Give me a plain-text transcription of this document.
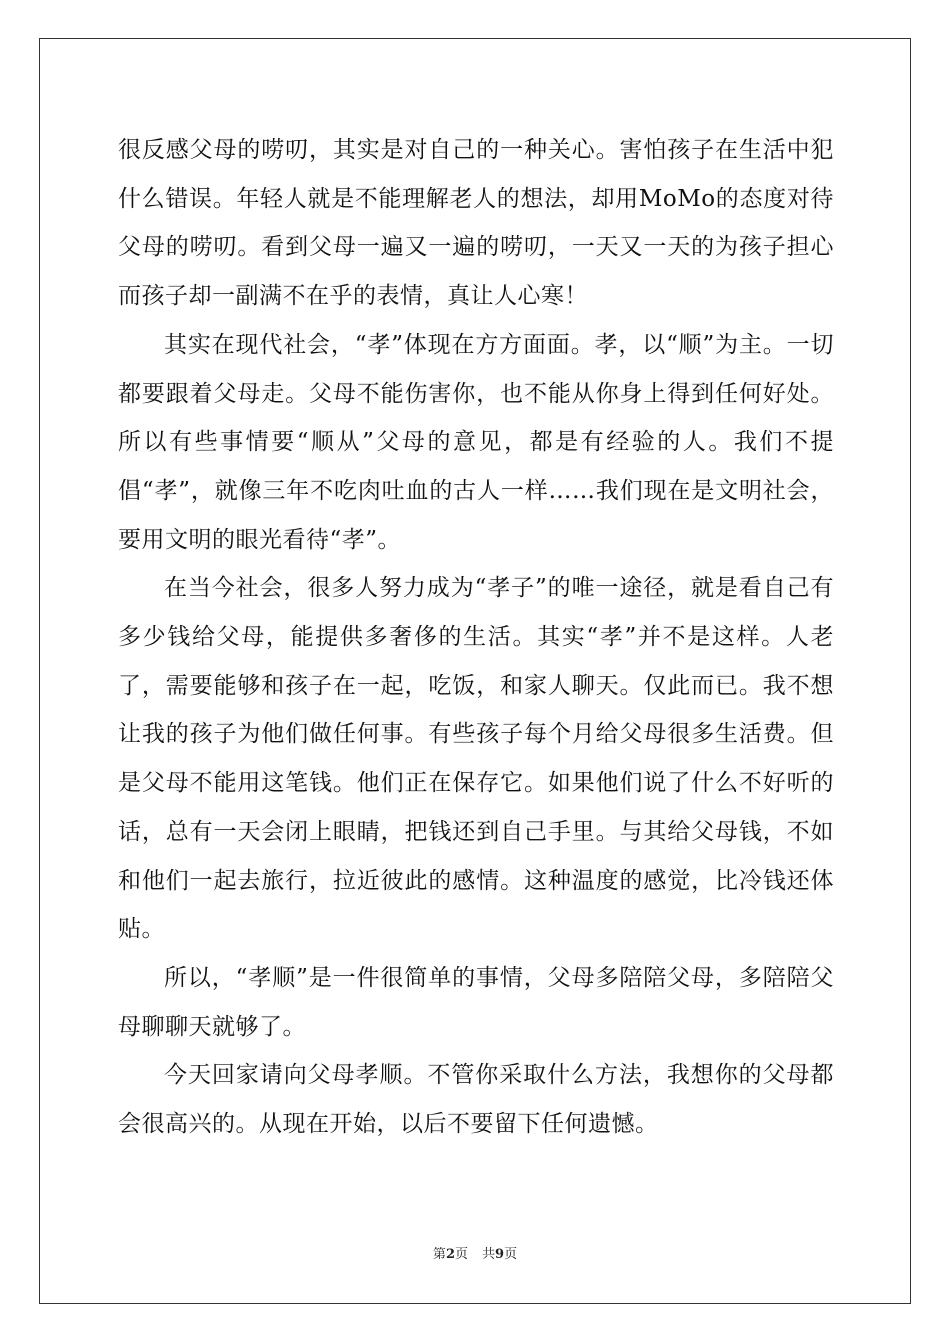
很反感父母的唠叨，其实是对自己的一种关心。害怕孩子在生活中犯什么错误。年轻人就是不能理解老人的想法，却用MoMo的态度对待父母的唠叨。看到父母一遍又一遍的唠叨，一天又一天的为孩子担心而孩子却一副满不在乎的表情，真让人心寒！

其实在现代社会，“孝”体现在方方面面。孝，以“顺”为主。一切都要跟着父母走。父母不能伤害你，也不能从你身上得到任何好处。所以有些事情要“顺从”父母的意见，都是有经验的人。我们不提倡“孝”，就像三年不吃肉吐血的古人一样……我们现在是文明社会，要用文明的眼光看待“孝”。

在当今社会，很多人努力成为“孝子”的唯一途径，就是看自己有多少钱给父母，能提供多奢侈的生活。其实“孝”并不是这样。人老了，需要能够和孩子在一起，吃饭，和家人聊天。仅此而已。我不想让我的孩子为他们做任何事。有些孩子每个月给父母很多生活费。但是父母不能用这笔钱。他们正在保存它。如果他们说了什么不好听的话，总有一天会闭上眼睛，把钱还到自己手里。与其给父母钱，不如和他们一起去旅行，拉近彼此的感情。这种温度的感觉，比冷钱还体贴。

所以，“孝顺”是一件很简单的事情，父母多陪陪父母，多陪陪父母聊聊天就够了。

今天回家请向父母孝顺。不管你采取什么方法，我想你的父母都会很高兴的。从现在开始，以后不要留下任何遗憾。

第2页 共9页
